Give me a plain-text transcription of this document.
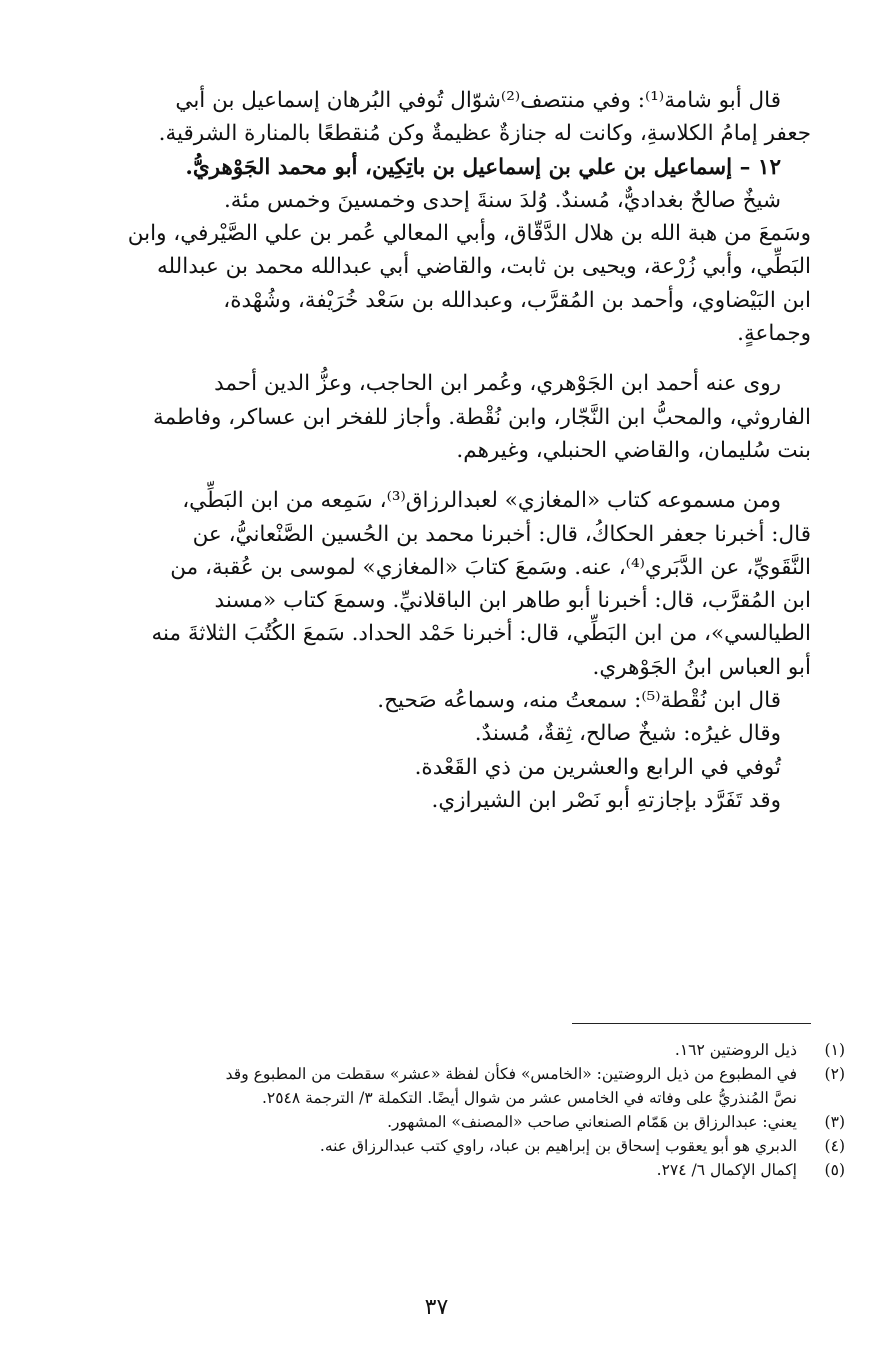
قال أبو شامة⁽¹⁾: وفي منتصف⁽²⁾شوّال تُوفي البُرهان إسماعيل بن أبي

جعفر إمامُ الكلاسةِ، وكانت له جنازةٌ عظيمةٌ وكن مُنقطعًا بالمنارة الشرقية.

١٢ – إسماعيل بن علي بن إسماعيل بن باتِكِين، أبو محمد الجَوْهريُّ.

شيخٌ صالحٌ بغداديٌّ، مُسندٌ. وُلدَ سنةَ إحدى وخمسينَ وخمس مئة.

وسَمعَ من هبة الله بن هلال الدَّقّاق، وأبي المعالي عُمر بن علي الصَّيْرفي، وابن

البَطِّي، وأبي زُرْعة، ويحيى بن ثابت، والقاضي أبي عبدالله محمد بن عبدالله

ابن البَيْضاوي، وأحمد بن المُقرَّب، وعبدالله بن سَعْد خُرَيْفة، وشُهْدة،

وجماعةٍ.

روى عنه أحمد ابن الجَوْهري، وعُمر ابن الحاجب، وعزُّ الدين أحمد

الفاروثي، والمحبُّ ابن النَّجّار، وابن نُقْطة. وأجاز للفخر ابن عساكر، وفاطمة

بنت سُليمان، والقاضي الحنبلي، وغيرهم.

ومن مسموعه كتاب «المغازي» لعبدالرزاق⁽³⁾، سَمِعه من ابن البَطِّي،

قال: أخبرنا جعفر الحكاكُ، قال: أخبرنا محمد بن الحُسين الصَّنْعانيُّ، عن

النَّقَويِّ، عن الدَّبَري⁽⁴⁾، عنه. وسَمعَ كتابَ «المغازي» لموسى بن عُقبة، من

ابن المُقرَّب، قال: أخبرنا أبو طاهر ابن الباقلانيِّ. وسمعَ كتاب «مسند

الطيالسي»، من ابن البَطِّي، قال: أخبرنا حَمْد الحداد. سَمعَ الكُتُبَ الثلاثةَ منه

أبو العباس ابنُ الجَوْهري.

قال ابن نُقْطة⁽⁵⁾: سمعتُ منه، وسماعُه صَحيح.

وقال غيرُه: شيخٌ صالح، ثِقةٌ، مُسندٌ.

تُوفي في الرابع والعشرين من ذي القَعْدة.

وقد تَفَرَّد بإجازتهِ أبو نَصْر ابن الشيرازي.

(١)
ذيل الروضتين ١٦٢.
(٢)
في المطبوع من ذيل الروضتين: «الخامس» فكأن لفظة «عشر» سقطت من المطبوع وقد
نصَّ المُنذريُّ على وفاته في الخامس عشر من شوال أيضًا. التكملة ٣/ الترجمة ٢٥٤٨.
(٣)
يعني: عبدالرزاق بن هَمّام الصنعاني صاحب «المصنف» المشهور.
(٤)
الدبري هو أبو يعقوب إسحاق بن إبراهيم بن عباد، راوي كتب عبدالرزاق عنه.
(٥)
إكمال الإكمال ٦/ ٢٧٤.
٣٧
